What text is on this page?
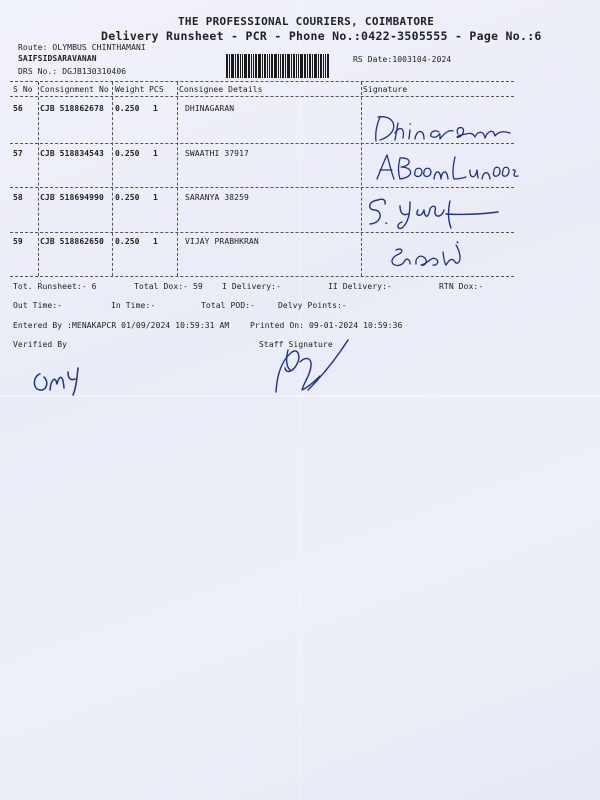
THE PROFESSIONAL COURIERS, COIMBATORE
Delivery Runsheet - PCR - Phone No.:0422-3505555 - Page No.:6
Route: OLYMBUS CHINTHAMANI
SAIFSIDSARAVANAN
DRS No.: DGJB130310406
RS Date:1003104-2024
S No Consignment No Weight PCS Consignee Details	Signature
56 CJB 518862678 0.250 1	DHINAGARAN
57 CJB 518834543 0.250 1	SWAATHI 37917
58 CJB 518694990 0.250 1	SARANYA 38259
59 CJB 518862650 0.250 1	VIJAY PRABHKRAN
Tot. Runsheet:- 6	Total Dox:- 59 I Delivery:-	II Delivery:-	RTN Dox:-
Out Time:-	In Time:-	Total POD:-	Delvy Points:-
Entered By :MENAKAPCR 01/09/2024 10:59:31 AM	Printed On: 09-01-2024 10:59:36
Verified By	Staff Signature
